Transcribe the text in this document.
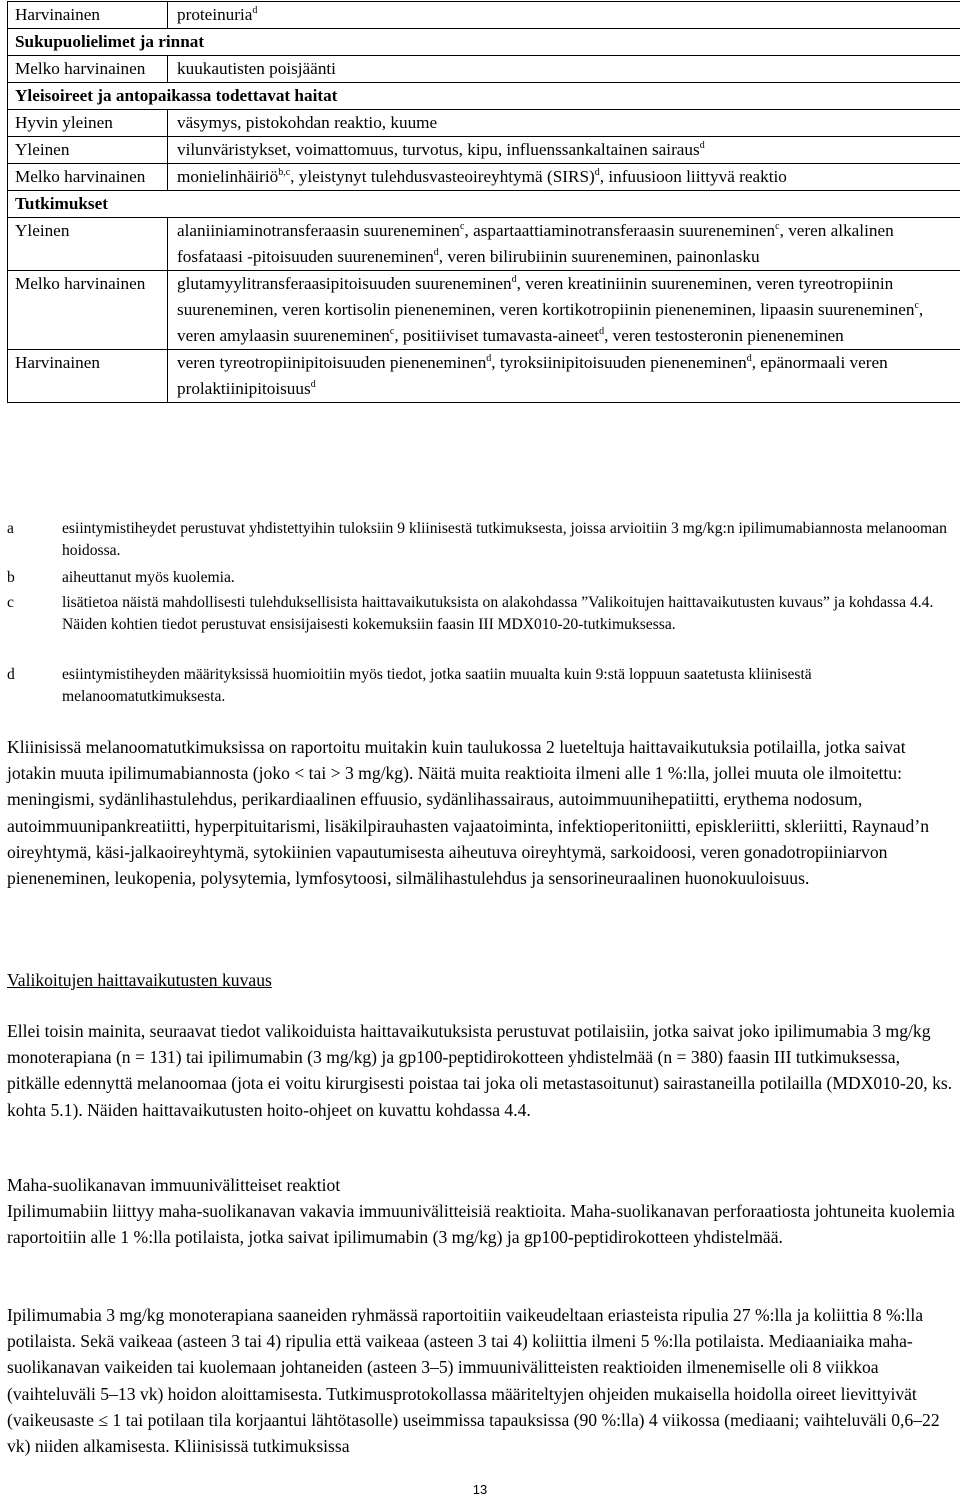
Harvinainen	proteinuria$^d$
Sukupuolielimet ja rinnat	
Melko harvinainen	kuukautisten poisjäänti
Yleisoireet ja antopaikassa todettavat haitat	
Hyvin yleinen	väsymys, pistokohdan reaktio, kuume
Yleinen	vilunväristykset, voimattomuus, turvotus, kipu, influenssankaltainen sairaus$^d$
Melko harvinainen	monielinhäiriö$^{b,c}$, yleistynyt tulehdusvasteoireyhtymä (SIRS)$^d$, infuusioon liittyvä reaktio
Tutkimukset	
Yleinen	alaniiniaminotransferaasin suureneminen$^c$, aspartaattiaminotransferaasin suureneminen$^c$, veren alkalinen fosfataasi -pitoisuuden suureneminen$^d$, veren bilirubiinin suureneminen, painonlasku
Melko harvinainen	glutamyylitransferaasipitoisuuden suureneminen$^d$, veren kreatiniinin suureneminen, veren tyreotropiinin suureneminen, veren kortisolin pieneneminen, veren kortikotropiinin pieneneminen, lipaasin suureneminen$^c$, veren amylaasin suureneminen$^c$, positiiviset tumavasta-aineet$^d$, veren testosteronin pieneneminen
Harvinainen	veren tyreotropiinipitoisuuden pieneneminen$^d$, tyroksiinipitoisuuden pieneneminen$^d$, epänormaali veren prolaktiinipitoisuus$^d$
a	esiintymistiheydet perustuvat yhdistettyihin tuloksiin 9 kliinisestä tutkimuksesta, joissa arvioitiin 3 mg/kg:n ipilimumabiannosta melanooman hoidossa.
b	aiheuttanut myös kuolemia.
c	lisätietoa näistä mahdollisesti tulehduksellisista haittavaikutuksista on alakohdassa ”Valikoitujen haittavaikutusten kuvaus” ja kohdassa 4.4. Näiden kohtien tiedot perustuvat ensisijaisesti kokemuksiin faasin III MDX010-20-tutkimuksessa.
d	esiintymistiheyden määrityksissä huomioitiin myös tiedot, jotka saatiin muualta kuin 9:stä loppuun saatetusta kliinisestä melanoomatutkimuksesta.
Kliinisissä melanoomatutkimuksissa on raportoitu muitakin kuin taulukossa 2 lueteltuja haittavaikutuksia potilailla, jotka saivat jotakin muuta ipilimumabiannosta (joko < tai > 3 mg/kg). Näitä muita reaktioita ilmeni alle 1 %:lla, jollei muuta ole ilmoitettu: meningismi, sydänlihastulehdus, perikardiaalinen effuusio, sydänlihassairaus, autoimmuunihepatiitti, erythema nodosum, autoimmuunipankreatiitti, hyperpituitarismi, lisäkilpirauhasten vajaatoiminta, infektioperitoniitti, episkleriitti, skleriitti, Raynaud’n oireyhtymä, käsi-jalkaoireyhtymä, sytokiinien vapautumisesta aiheutuva oireyhtymä, sarkoidoosi, veren gonadotropiiniarvon pieneneminen, leukopenia, polysytemia, lymfosytoosi, silmälihastulehdus ja sensorineuraalinen huonokuuloisuus.
Valikoitujen haittavaikutusten kuvaus
Ellei toisin mainita, seuraavat tiedot valikoiduista haittavaikutuksista perustuvat potilaisiin, jotka saivat joko ipilimumabia 3 mg/kg monoterapiana (n = 131) tai ipilimumabin (3 mg/kg) ja gp100-peptidirokotteen yhdistelmää (n = 380) faasin III tutkimuksessa, pitkälle edennyttä melanoomaa (jota ei voitu kirurgisesti poistaa tai joka oli metastasoitunut) sairastaneilla potilailla (MDX010-20, ks. kohta 5.1). Näiden haittavaikutusten hoito-ohjeet on kuvattu kohdassa 4.4.
Maha-suolikanavan immuunivälitteiset reaktiot
Ipilimumabiin liittyy maha-suolikanavan vakavia immuunivälitteisiä reaktioita. Maha-suolikanavan perforaatiosta johtuneita kuolemia raportoitiin alle 1 %:lla potilaista, jotka saivat ipilimumabin (3 mg/kg) ja gp100-peptidirokotteen yhdistelmää.
Ipilimumabia 3 mg/kg monoterapiana saaneiden ryhmässä raportoitiin vaikeudeltaan eriasteista ripulia 27 %:lla ja koliittia 8 %:lla potilaista. Sekä vaikeaa (asteen 3 tai 4) ripulia että vaikeaa (asteen 3 tai 4) koliittia ilmeni 5 %:lla potilaista. Mediaaniaika maha-suolikanavan vaikeiden tai kuolemaan johtaneiden (asteen 3–5) immuunivälitteisten reaktioiden ilmenemiselle oli 8 viikkoa (vaihteluväli 5–13 vk) hoidon aloittamisesta. Tutkimusprotokollassa määriteltyjen ohjeiden mukaisella hoidolla oireet lievittyivät (vaikeusaste ≤ 1 tai potilaan tila korjaantui lähtötasolle) useimmissa tapauksissa (90 %:lla) 4 viikossa (mediaani; vaihteluväli 0,6–22 vk) niiden alkamisesta. Kliinisissä tutkimuksissa
13
